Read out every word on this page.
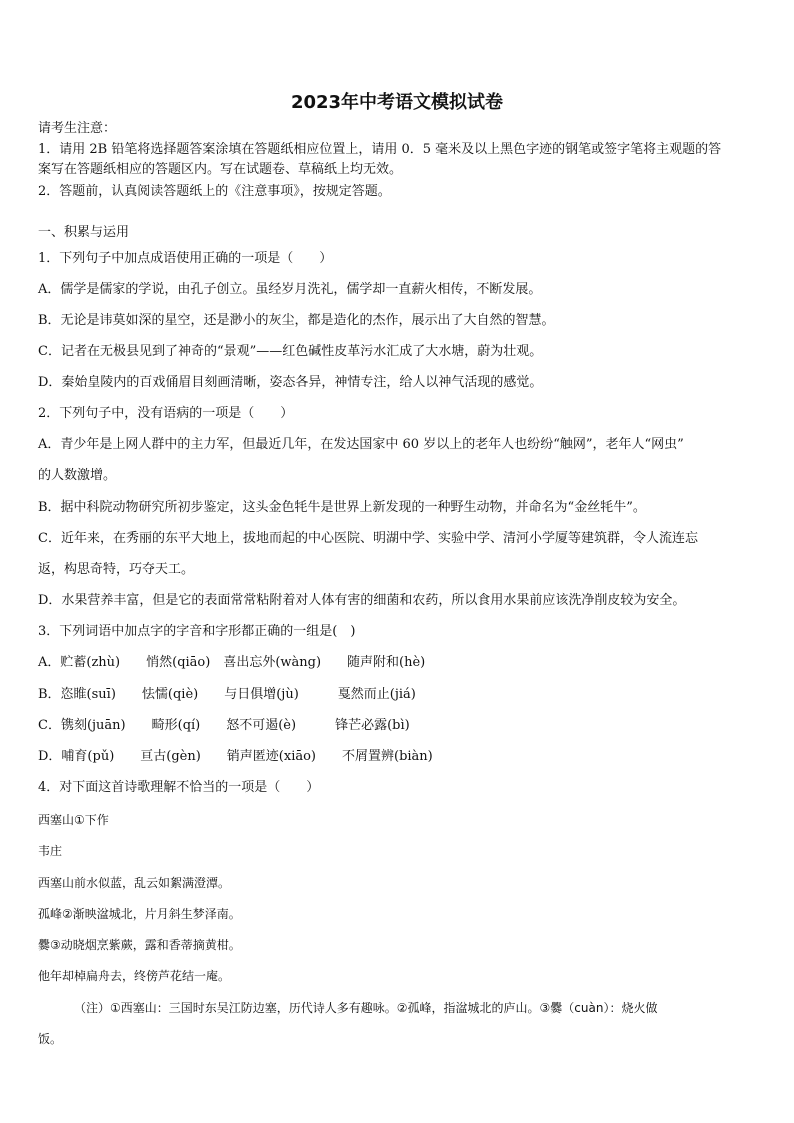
2023年中考语文模拟试卷
请考生注意：
1．请用 2B 铅笔将选择题答案涂填在答题纸相应位置上，请用 0．5 毫米及以上黑色字迹的钢笔或签字笔将主观题的答
案写在答题纸相应的答题区内。写在试题卷、草稿纸上均无效。
2．答题前，认真阅读答题纸上的《注意事项》，按规定答题。
一、积累与运用
1．下列句子中加点成语使用正确的一项是（　　）
A．儒学是儒家的学说，由孔子创立。虽经岁月洗礼，儒学却一直薪火相传，不断发展。
B．无论是讳莫如深的星空，还是渺小的灰尘，都是造化的杰作，展示出了大自然的智慧。
C．记者在无极县见到了神奇的“景观”——红色碱性皮革污水汇成了大水塘，蔚为壮观。
D．秦始皇陵内的百戏俑眉目刻画清晰，姿态各异，神情专注，给人以神气活现的感觉。
2．下列句子中，没有语病的一项是（　　）
A．青少年是上网人群中的主力军，但最近几年，在发达国家中 60 岁以上的老年人也纷纷“触网”，老年人“网虫”
的人数激增。
B．据中科院动物研究所初步鉴定，这头金色牦牛是世界上新发现的一种野生动物，并命名为“金丝牦牛”。
C．近年来，在秀丽的东平大地上，拔地而起的中心医院、明湖中学、实验中学、清河小学厦等建筑群，令人流连忘
返，构思奇特，巧夺天工。
D．水果营养丰富，但是它的表面常常粘附着对人体有害的细菌和农药，所以食用水果前应该洗净削皮较为安全。
3．下列词语中加点字的字音和字形都正确的一组是(　)
A．贮蓄(zhù)　　悄然(qiāo)　喜出忘外(wàng)　　随声附和(hè)
B．恣睢(suī)　　怯懦(qiè)　　与日俱增(jù)　　　戛然而止(jiá)
C．镌刻(juān)　　畸形(qí)　　怒不可遏(è)　　　锋芒必露(bì)
D．哺育(pǔ)　　亘古(gèn)　　销声匿迹(xiāo)　　不屑置辨(biàn)
4．对下面这首诗歌理解不恰当的一项是（　　）
西塞山①下作
韦庄
西塞山前水似蓝，乱云如絮满澄潭。
孤峰②渐映湓城北，片月斜生梦泽南。
爨③动晓烟烹紫蕨，露和香蒂摘黄柑。
他年却棹扁舟去，终傍芦花结一庵。
（注）①西塞山：三国时东吴江防边塞，历代诗人多有趣咏。②孤峰，指湓城北的庐山。③爨（cuàn）：烧火做
饭。
